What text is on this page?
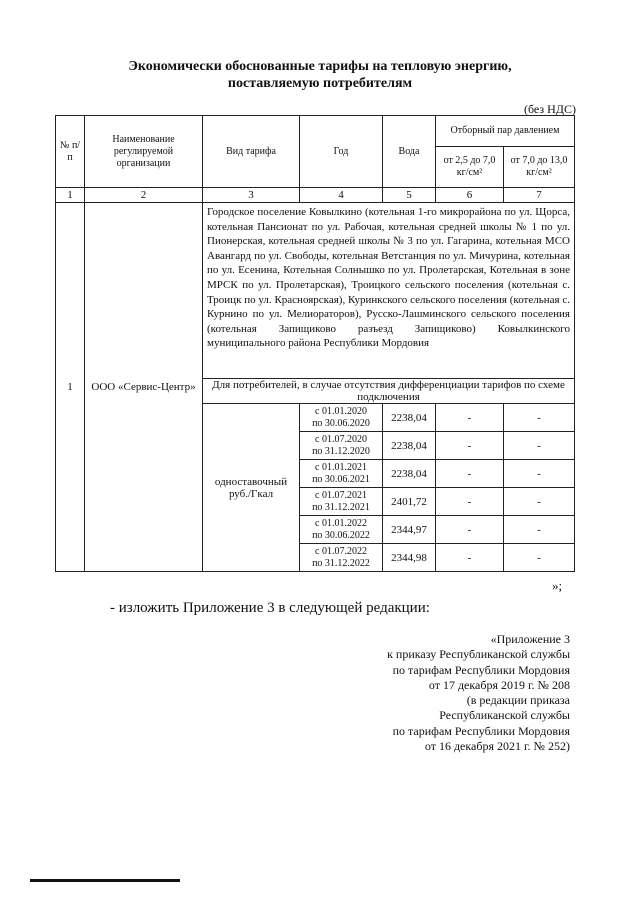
Экономически обоснованные тарифы на тепловую энергию,
поставляемую потребителям
(без НДС)
№ п/п	Наименование регулируемой организации	Вид тарифа	Год	Вода	Отборный пар давлением	
					от 2,5 до 7,0 кг/см²	от 7,0 до 13,0 кг/см²
1	2	3	4	5	6	7
1	ООО «Сервис-Центр»	Городское поселение Ковылкино (котельная 1-го микрорайона по ул. Щорса, котельная Пансионат по ул. Рабочая, котельная средней школы № 1 по ул. Пионерская, котельная средней школы № 3 по ул. Гагарина, котельная МСО Авангард по ул. Свободы, котельная Ветстанция по ул. Мичурина, котельная по ул. Есенина, Котельная Солнышко по ул. Пролетарская, Котельная в зоне МРСК по ул. Пролетарская), Троицкого сельского поселения (котельная с. Троицк по ул. Красноярская), Куринкского сельского поселения (котельная с. Курнино по ул. Мелиораторов), Русско-Лашминского сельского поселения (котельная Запищиково разъезд Запищиково) Ковылкинского муниципального района Республики Мордовия				
		Для потребителей, в случае отсутствия дифференциации тарифов по схеме подключения				
		одноставочный руб./Гкал	с 01.01.2020
по 30.06.2020	2238,04	-	-

			с 01.07.2020
по 31.12.2020	2238,04	-	-

			с 01.01.2021
по 30.06.2021	2238,04	-	-

			с 01.07.2021
по 31.12.2021	2401,72	-	-

			с 01.01.2022
по 30.06.2022	2344,97	-	-

			с 01.07.2022
по 31.12.2022	2344,98	-	-
»;
- изложить Приложение 3 в следующей редакции:
«Приложение 3
к приказу Республиканской службы
по тарифам Республики Мордовия
от 17 декабря 2019 г. № 208
(в редакции приказа
Республиканской службы
по тарифам Республики Мордовия
от 16 декабря 2021 г. № 252)
